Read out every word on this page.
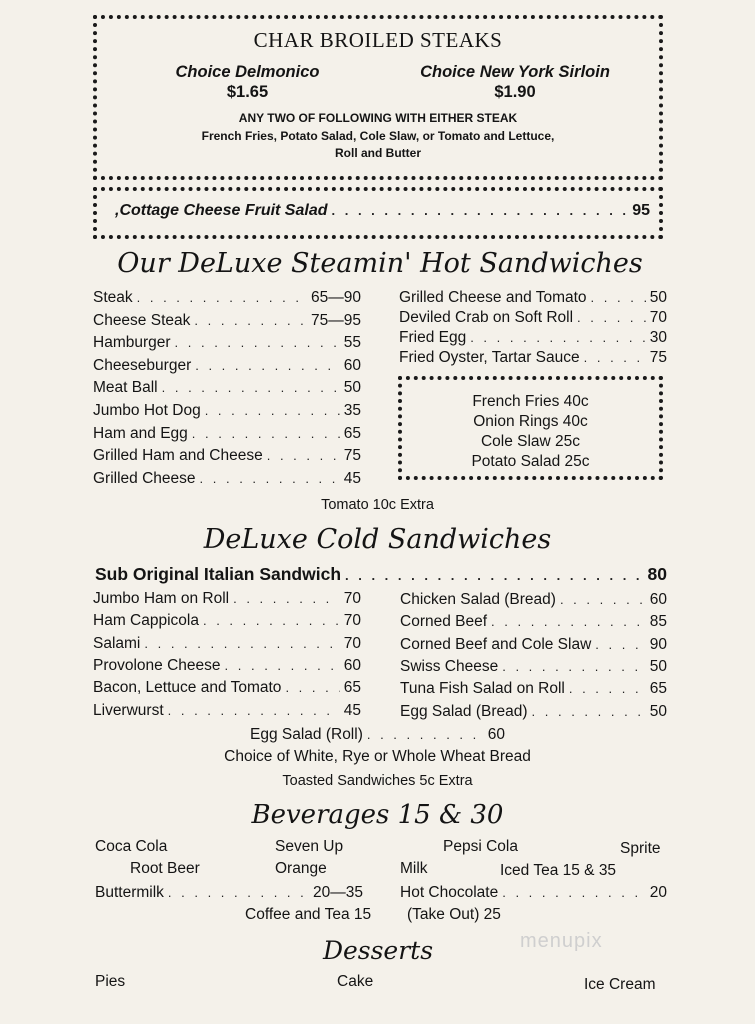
CHAR BROILED STEAKS
Choice Delmonico
$1.65
Choice New York Sirloin
$1.90
ANY TWO OF FOLLOWING WITH EITHER STEAK
French Fries, Potato Salad, Cole Slaw, or Tomato and Lettuce,
Roll and Butter
,Cottage Cheese Fruit Salad . . .	95
Our DeLuxe Steamin' Hot Sandwiches
Steak . . .	65—90
Cheese Steak . . .	75—95
Hamburger . . .	55
Cheeseburger . . .	60
Meat Ball . . .	50
Jumbo Hot Dog . . .	35
Ham and Egg . . .	65
Grilled Ham and Cheese . . .	75
Grilled Cheese . . .	45
Grilled Cheese and Tomato . . .	50
Deviled Crab on Soft Roll . . .	70
Fried Egg . . .	30
Fried Oyster, Tartar Sauce . . .	75
French Fries 40c
Onion Rings 40c
Cole Slaw 25c
Potato Salad 25c
Tomato 10c Extra
DeLuxe Cold Sandwiches
Sub Original Italian Sandwich . . .	80
Jumbo Ham on Roll . . .	70
Ham Cappicola . . .	70
Salami . . .	70
Provolone Cheese . . .	60
Bacon, Lettuce and Tomato . . .	65
Liverwurst . . .	45
Chicken Salad (Bread) . . .	60
Corned Beef . . .	85
Corned Beef and Cole Slaw . . .	90
Swiss Cheese . . .	50
Tuna Fish Salad on Roll . . .	65
Egg Salad (Bread) . . .	50
Egg Salad (Roll) . . .	60
Choice of White, Rye or Whole Wheat Bread
Toasted Sandwiches 5c Extra
Beverages 15 & 30
Coca Cola	Seven Up	Pepsi Cola	Sprite
Root Beer	Orange	Milk	Iced Tea 15 & 35
Buttermilk . . .	20—35 Hot Chocolate . . .	20
Coffee and Tea 15 (Take Out) 25
Desserts
Pies	Cake	Ice Cream
menupix
